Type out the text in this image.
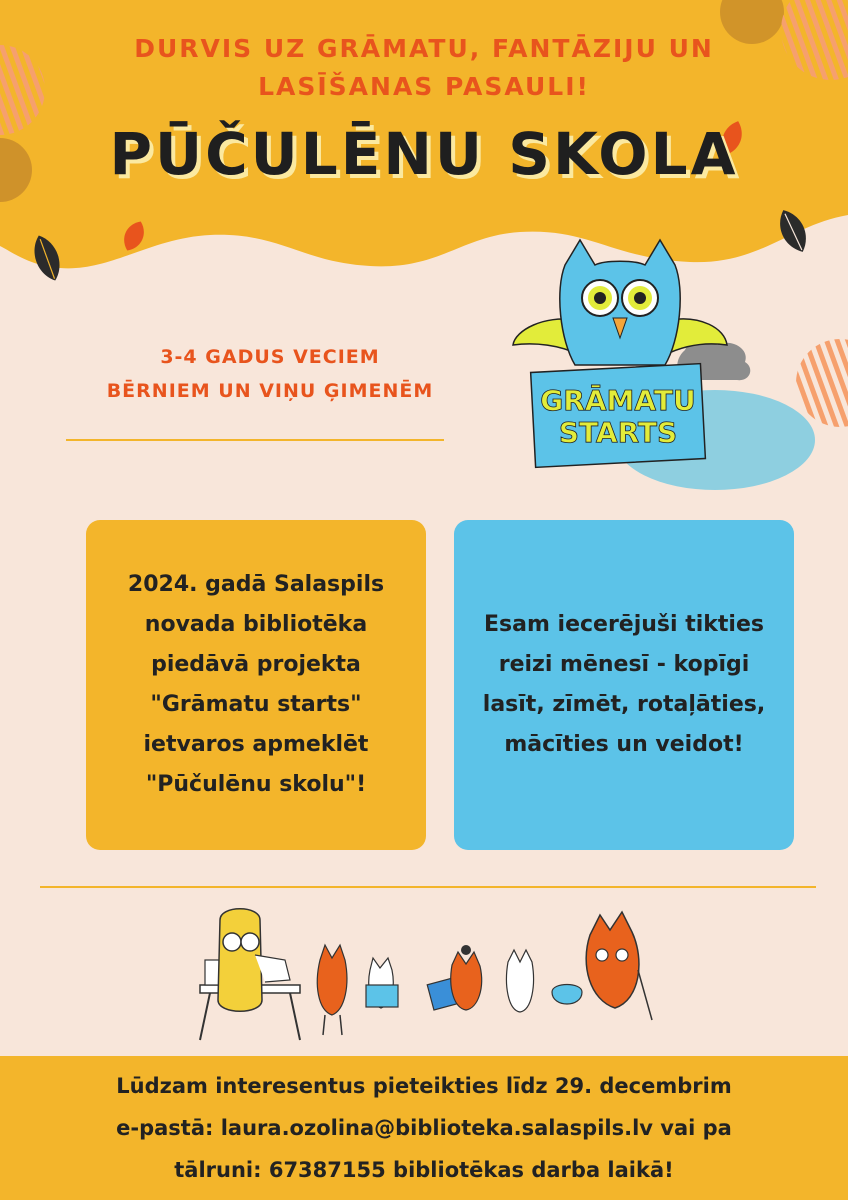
DURVIS UZ GRĀMATU, FANTĀZIJU UN
LASĪŠANAS PASAULI!
PŪČULĒNU SKOLA
3-4 GADUS VECIEM
BĒRNIEM UN VIŅU ĢIMENĒM	GRĀMATU
STARTS
2024. gadā Salaspils
novada bibliotēka
piedāvā projekta
"Grāmatu starts"
ietvaros apmeklēt
"Pūčulēnu skolu"!
Esam iecerējuši tikties
reizi mēnesī - kopīgi
lasīt, zīmēt, rotaļāties,
mācīties un veidot!
Lūdzam interesentus pieteikties līdz 29. decembrim
e-pastā: laura.ozolina@biblioteka.salaspils.lv vai pa
tālruni: 67387155 bibliotēkas darba laikā!
